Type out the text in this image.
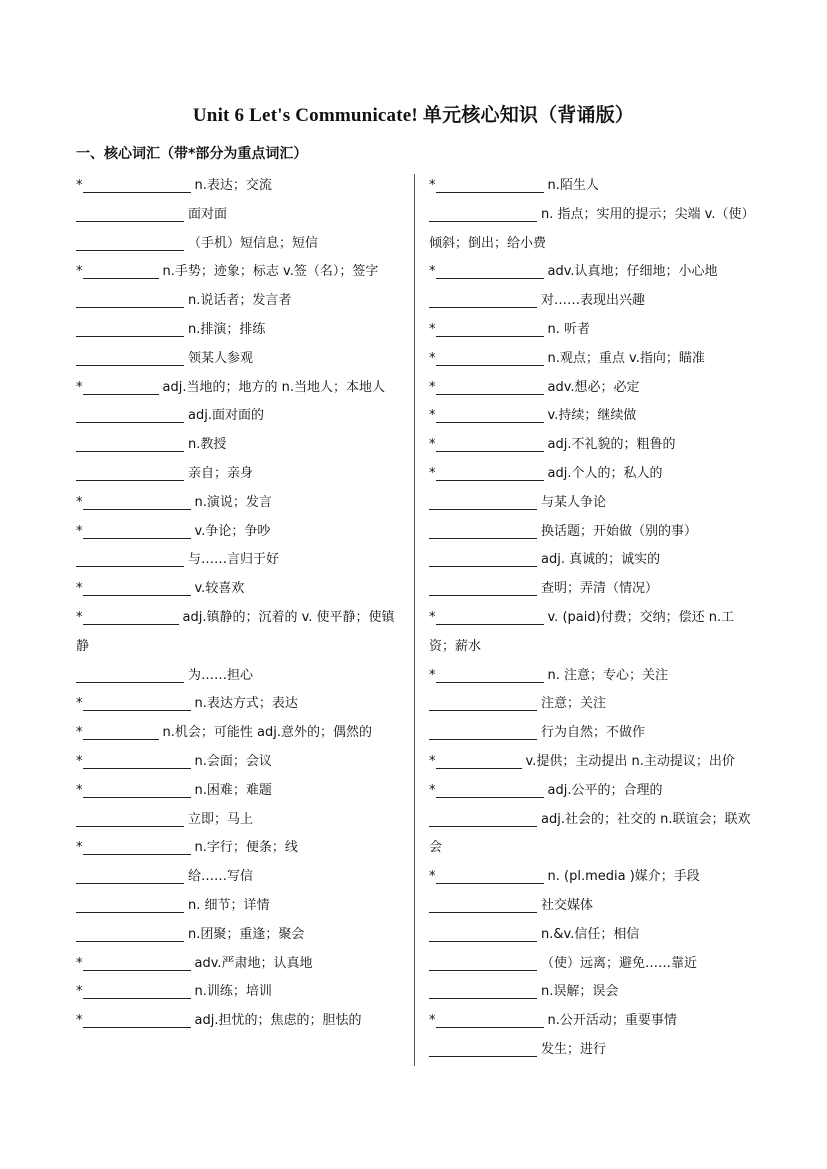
Unit 6 Let's Communicate! 单元核心知识（背诵版）
一、核心词汇（带*部分为重点词汇）
*	n.表达；交流
面对面
（手机）短信息；短信
*	n.手势；迹象；标志 v.签（名）；签字
n.说话者；发言者
n.排演；排练
领某人参观
*	adj.当地的；地方的 n.当地人；本地人
adj.面对面的
n.教授
亲自；亲身
*	n.演说；发言
*	v.争论；争吵
与……言归于好
*	v.较喜欢
*	adj.镇静的；沉着的 v. 使平静；使镇静
为……担心
*	n.表达方式；表达
*	n.机会；可能性 adj.意外的；偶然的
*	n.会面；会议
*	n.困难；难题
立即；马上
*	n.字行；便条；线
给……写信
n. 细节；详情
n.团聚；重逢；聚会
*	adv.严肃地；认真地
*	n.训练；培训
*	adj.担忧的；焦虑的；胆怯的
*	n.陌生人
n. 指点；实用的提示；尖端 v.（使）倾斜；倒出；给小费
*	adv.认真地；仔细地；小心地
对……表现出兴趣
*	n. 听者
*	n.观点；重点 v.指向；瞄准
*	adv.想必；必定
*	v.持续；继续做
*	adj.不礼貌的；粗鲁的
*	adj.个人的；私人的
与某人争论
换话题；开始做（别的事）
adj. 真诚的；诚实的
查明；弄清（情况）
*	v. (paid)付费；交纳；偿还 n.工资；薪水
*	n. 注意；专心；关注
注意；关注
行为自然；不做作
*	v.提供；主动提出 n.主动提议；出价
*	adj.公平的；合理的
adj.社会的；社交的 n.联谊会；联欢会
*	n. (pl.media )媒介；手段
社交媒体
n.&v.信任；相信
（使）远离；避免……靠近
n.误解；误会
*	n.公开活动；重要事情
发生；进行
